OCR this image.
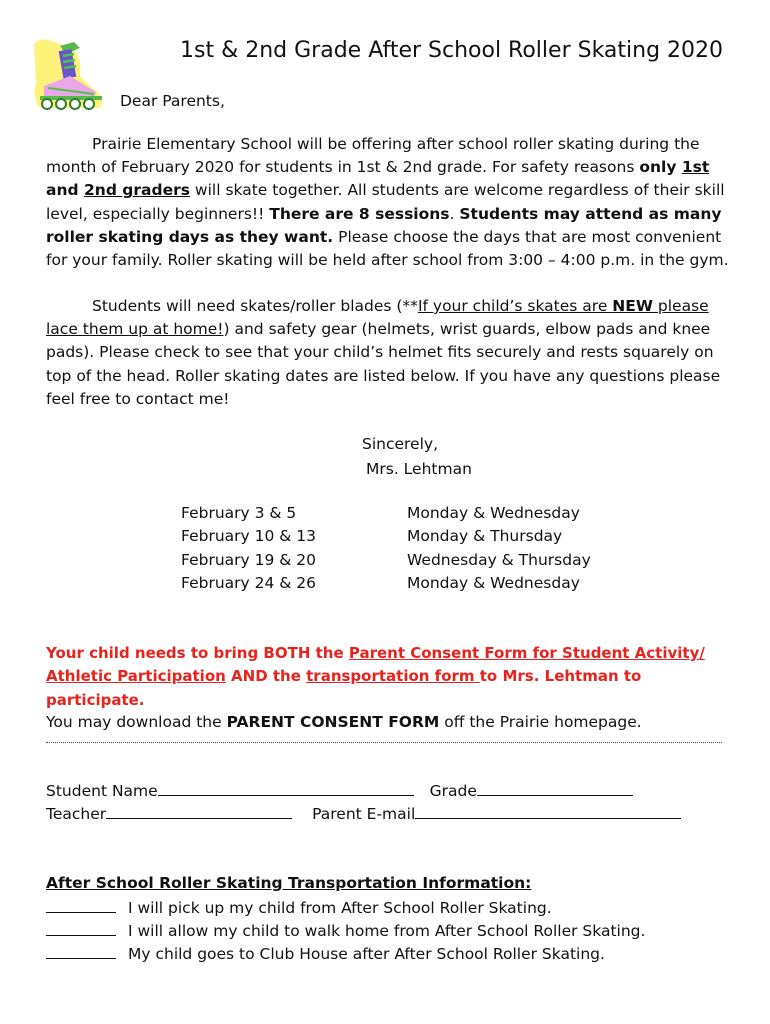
1st & 2nd Grade After School Roller Skating 2020
Dear Parents,

Prairie Elementary School will be offering after school roller skating during the month of February 2020 for students in 1st & 2nd grade. For safety reasons only 1st and 2nd graders will skate together. All students are welcome regardless of their skill level, especially beginners!! There are 8 sessions. Students may attend as many roller skating days as they want. Please choose the days that are most convenient for your family. Roller skating will be held after school from 3:00 – 4:00 p.m. in the gym.

Students will need skates/roller blades (**If your child’s skates are NEW please lace them up at home!) and safety gear (helmets, wrist guards, elbow pads and knee pads). Please check to see that your child’s helmet fits securely and rests squarely on top of the head. Roller skating dates are listed below. If you have any questions please feel free to contact me!

Sincerely,
Mrs. Lehtman
February 3 & 5
February 10 & 13
February 19 & 20
February 24 & 26
Monday & Wednesday
Monday & Thursday
Wednesday & Thursday
Monday & Wednesday

Your child needs to bring BOTH the Parent Consent Form for Student Activity/ Athletic Participation AND the transportation form to Mrs. Lehtman to participate.

You may download the PARENT CONSENT FORM off the Prairie homepage.
Student Name	Grade
Teacher	Parent E-mail
After School Roller Skating Transportation Information:
I will pick up my child from After School Roller Skating.
I will allow my child to walk home from After School Roller Skating.
My child goes to Club House after After School Roller Skating.
